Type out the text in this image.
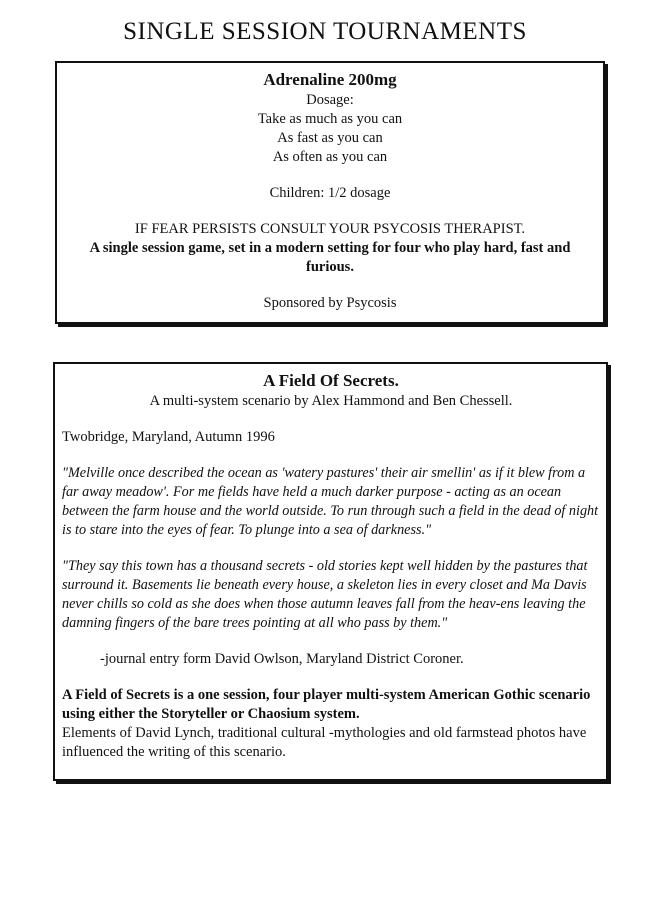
SINGLE SESSION TOURNAMENTS
Adrenaline 200mg
Dosage:
Take as much as you can
As fast as you can
As often as you can
Children: 1/2 dosage
IF FEAR PERSISTS CONSULT YOUR PSYCOSIS THERAPIST.
A single session game, set in a modern setting for four who play hard, fast and furious.
Sponsored by Psycosis
A Field Of Secrets.
A multi-system scenario by Alex Hammond and Ben Chessell.

Twobridge, Maryland, Autumn 1996

"Melville once described the ocean as 'watery pastures' their air smellin' as if it blew from a far away meadow'. For me fields have held a much darker purpose - acting as an ocean between the farm house and the world outside. To run through such a field in the dead of night is to stare into the eyes of fear. To plunge into a sea of darkness."

"They say this town has a thousand secrets - old stories kept well hidden by the pastures that surround it. Basements lie beneath every house, a skeleton lies in every closet and Ma Davis never chills so cold as she does when those autumn leaves fall from the heav-ens leaving the damning fingers of the bare trees pointing at all who pass by them."

-journal entry form David Owlson, Maryland District Coroner.

A Field of Secrets is a one session, four player multi-system American Gothic scenario using either the Storyteller or Chaosium system.

Elements of David Lynch, traditional cultural -mythologies and old farmstead photos have influenced the writing of this scenario.
